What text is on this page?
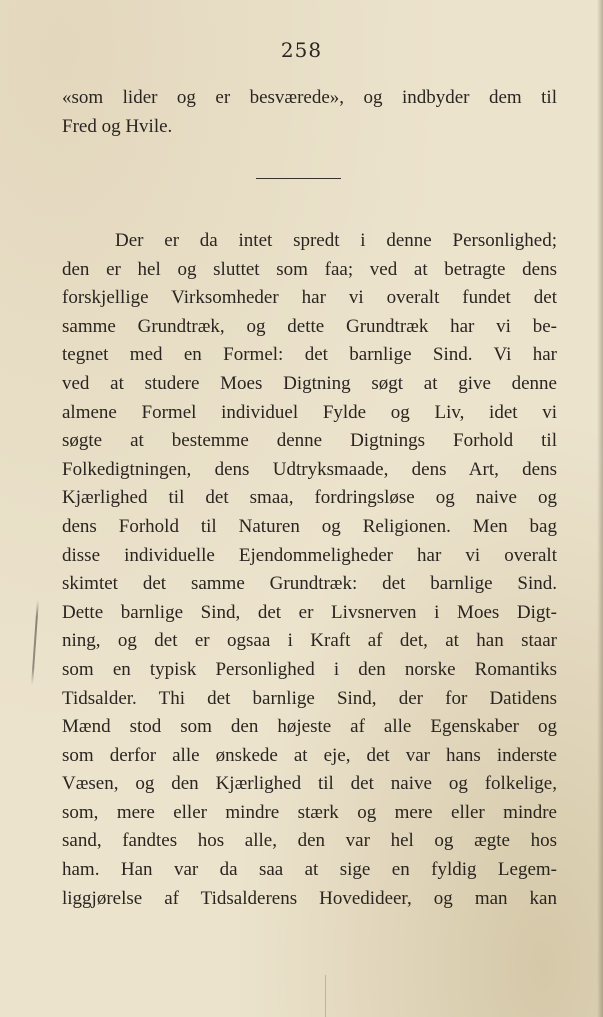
258
«som lider og er besværede», og indbyder dem til
Fred og Hvile.
Der er da intet spredt i denne Personlighed;
den er hel og sluttet som faa; ved at betragte dens
forskjellige Virksomheder har vi overalt fundet det
samme Grundtræk, og dette Grundtræk har vi be-
tegnet med en Formel: det barnlige Sind. Vi har
ved at studere Moes Digtning søgt at give denne
almene Formel individuel Fylde og Liv, idet vi
søgte at bestemme denne Digtnings Forhold til
Folkedigtningen, dens Udtryksmaade, dens Art, dens
Kjærlighed til det smaa, fordringsløse og naive og
dens Forhold til Naturen og Religionen. Men bag
disse individuelle Ejendommeligheder har vi overalt
skimtet det samme Grundtræk: det barnlige Sind.
Dette barnlige Sind, det er Livsnerven i Moes Digt-
ning, og det er ogsaa i Kraft af det, at han staar
som en typisk Personlighed i den norske Romantiks
Tidsalder. Thi det barnlige Sind, der for Datidens
Mænd stod som den højeste af alle Egenskaber og
som derfor alle ønskede at eje, det var hans inderste
Væsen, og den Kjærlighed til det naive og folkelige,
som, mere eller mindre stærk og mere eller mindre
sand, fandtes hos alle, den var hel og ægte hos
ham. Han var da saa at sige en fyldig Legem-
liggjørelse af Tidsalderens Hovedideer, og man kan
